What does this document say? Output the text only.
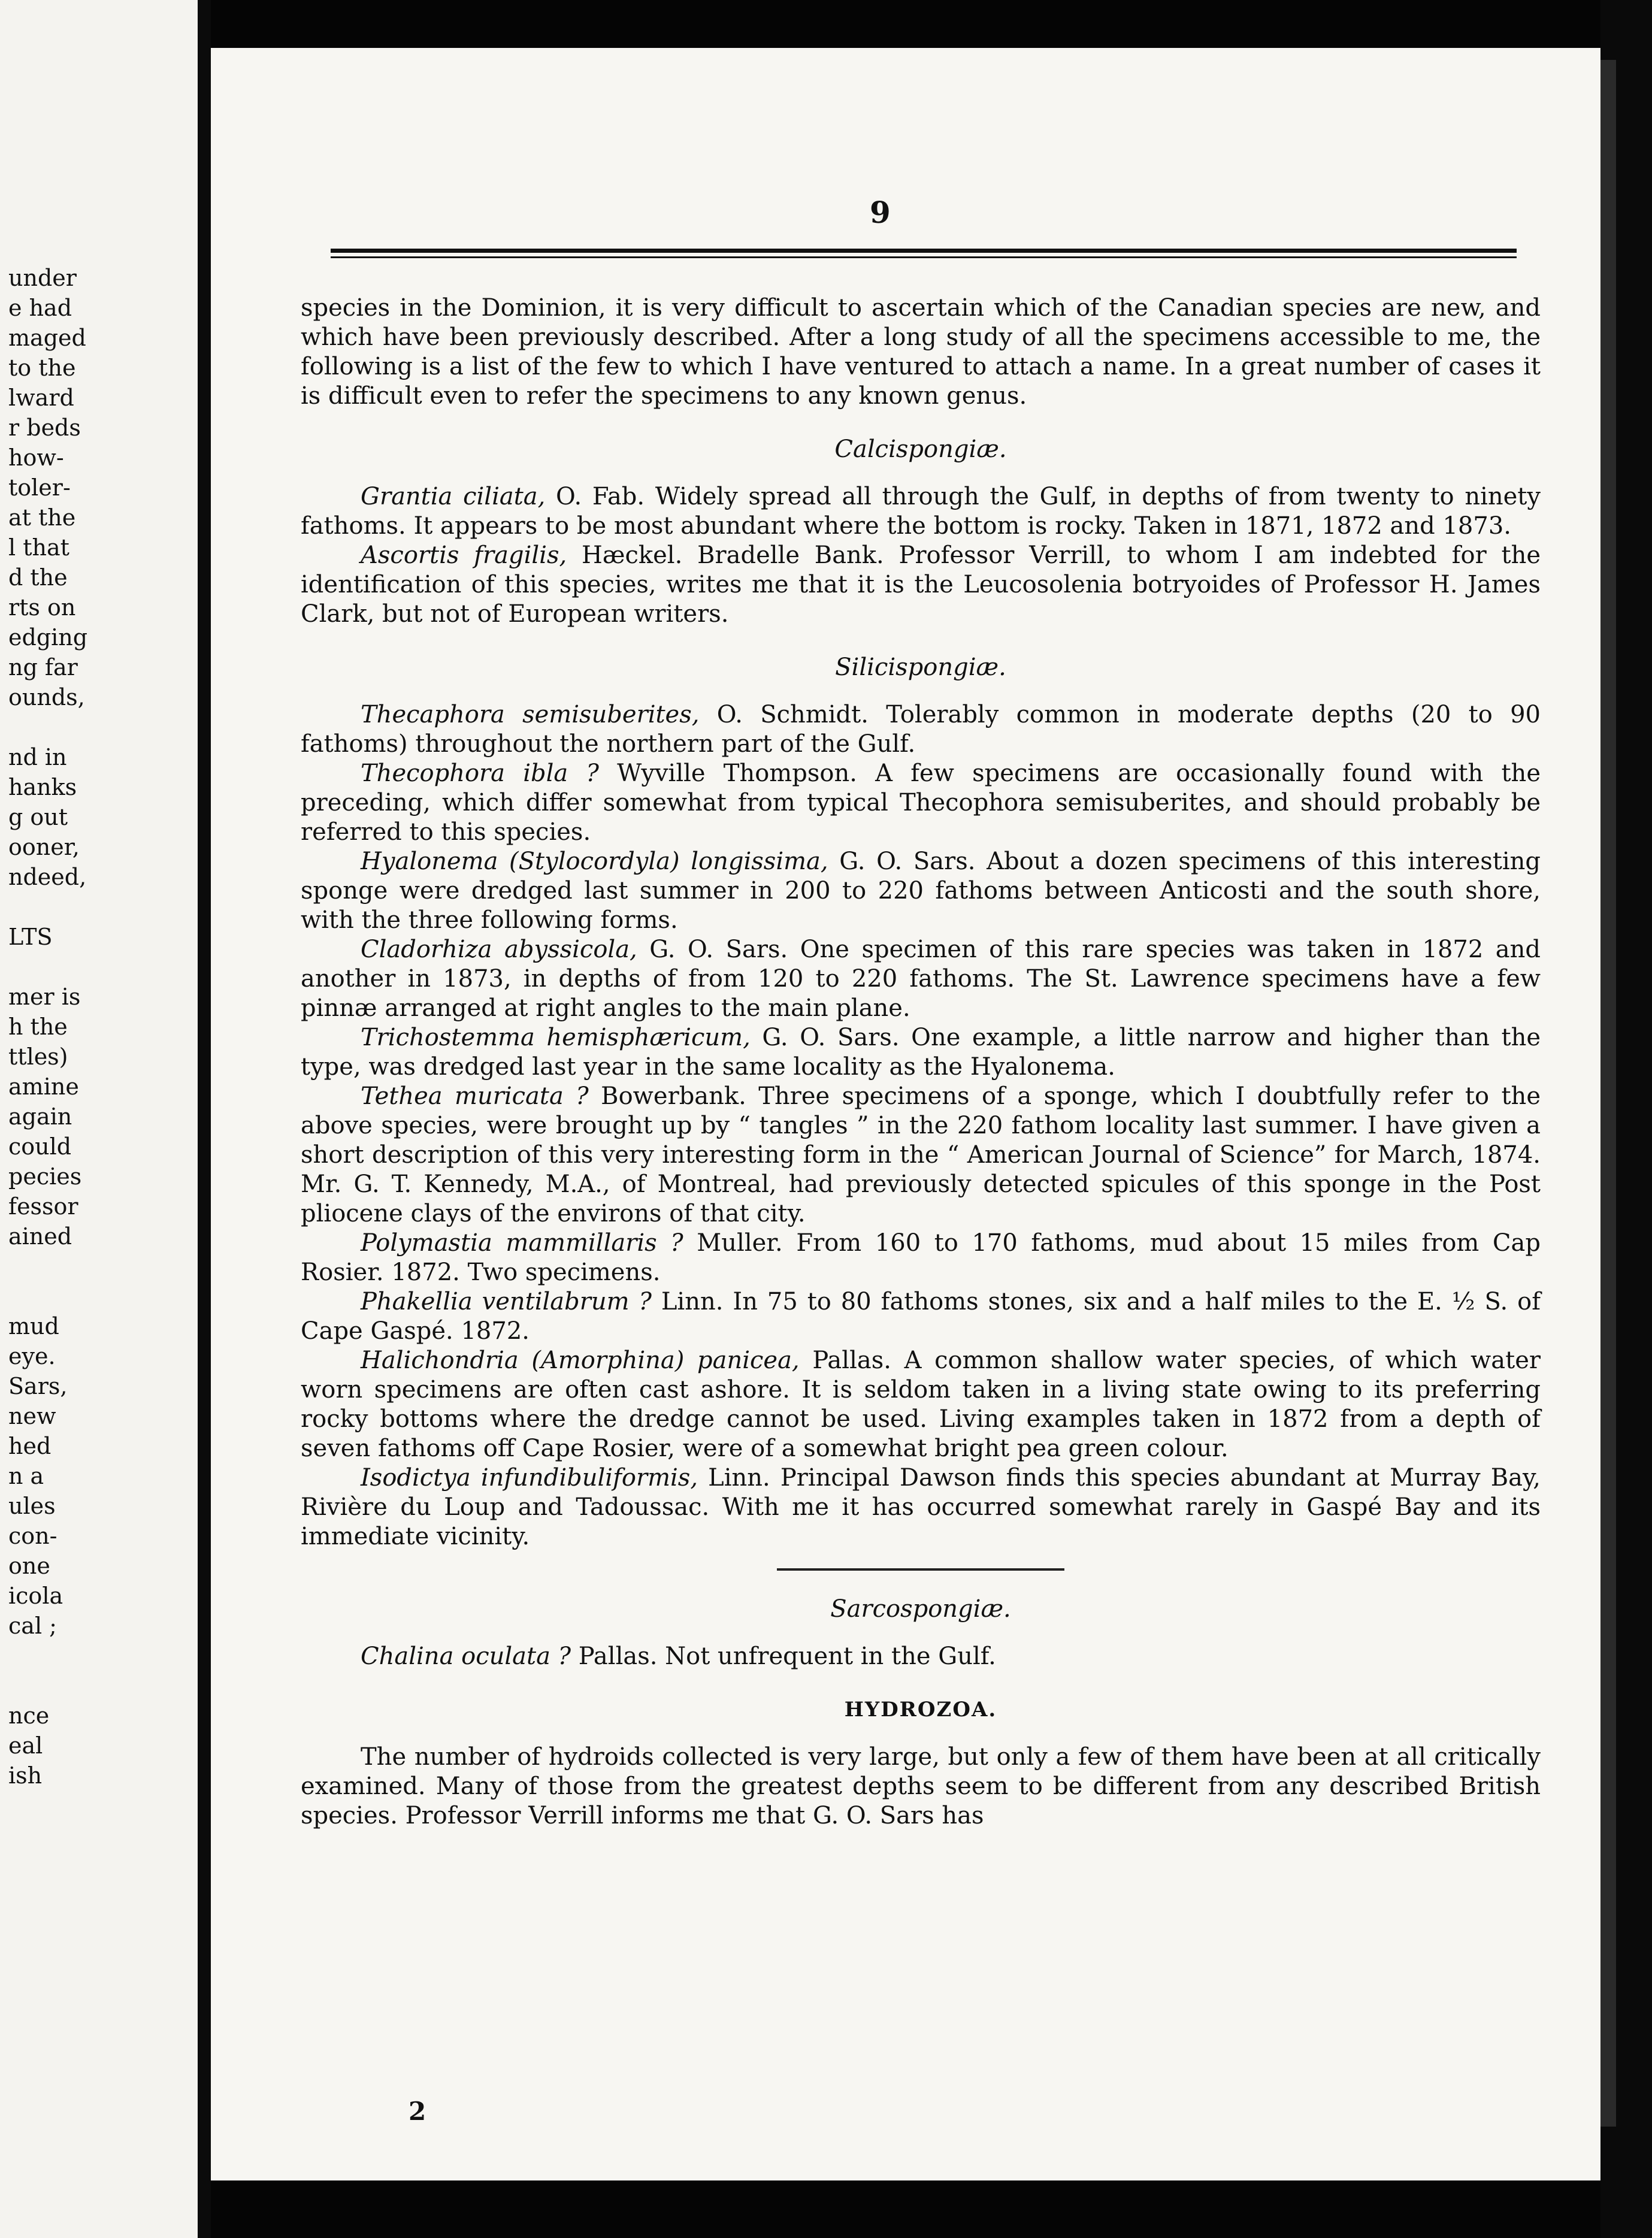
under
e had
maged
to the
lward
r beds
how-
toler-
at the
l that
d the
rts on
edging
ng far
ounds,
nd in
hanks
g out
ooner,
ndeed,
LTS
mer is
h the
ttles)
amine
again
could
pecies
fessor
ained
mud
eye.
Sars,
new
hed
n a
ules
con-
one
icola
cal ;
nce
eal
ish
9

species in the Dominion, it is very difficult to ascertain which of the Canadian species are new, and which have been previously described. After a long study of all the specimens accessible to me, the following is a list of the few to which I have ventured to attach a name. In a great number of cases it is difficult even to refer the specimens to any known genus.

Calcispongiæ.

Grantia ciliata, O. Fab. Widely spread all through the Gulf, in depths of from twenty to ninety fathoms. It appears to be most abundant where the bottom is rocky. Taken in 1871, 1872 and 1873.

Ascortis fragilis, Hæckel. Bradelle Bank. Professor Verrill, to whom I am indebted for the identification of this species, writes me that it is the Leucosolenia botryoides of Professor H. James Clark, but not of European writers.

Silicispongiæ.

Thecaphora semisuberites, O. Schmidt. Tolerably common in moderate depths (20 to 90 fathoms) throughout the northern part of the Gulf.

Thecophora ibla ? Wyville Thompson. A few specimens are occasionally found with the preceding, which differ somewhat from typical Thecophora semisuberites, and should probably be referred to this species.

Hyalonema (Stylocordyla) longissima, G. O. Sars. About a dozen specimens of this interesting sponge were dredged last summer in 200 to 220 fathoms between Anticosti and the south shore, with the three following forms.

Cladorhiza abyssicola, G. O. Sars. One specimen of this rare species was taken in 1872 and another in 1873, in depths of from 120 to 220 fathoms. The St. Lawrence specimens have a few pinnæ arranged at right angles to the main plane.

Trichostemma hemisphæricum, G. O. Sars. One example, a little narrow and higher than the type, was dredged last year in the same locality as the Hyalonema.

Tethea muricata ? Bowerbank. Three specimens of a sponge, which I doubtfully refer to the above species, were brought up by “ tangles ” in the 220 fathom locality last summer. I have given a short description of this very interesting form in the “ American Journal of Science” for March, 1874. Mr. G. T. Kennedy, M.A., of Montreal, had previously detected spicules of this sponge in the Post pliocene clays of the environs of that city.

Polymastia mammillaris ? Muller. From 160 to 170 fathoms, mud about 15 miles from Cap Rosier. 1872. Two specimens.

Phakellia ventilabrum ? Linn. In 75 to 80 fathoms stones, six and a half miles to the E. ½ S. of Cape Gaspé. 1872.

Halichondria (Amorphina) panicea, Pallas. A common shallow water species, of which water worn specimens are often cast ashore. It is seldom taken in a living state owing to its preferring rocky bottoms where the dredge cannot be used. Living examples taken in 1872 from a depth of seven fathoms off Cape Rosier, were of a somewhat bright pea green colour.

Isodictya infundibuliformis, Linn. Principal Dawson finds this species abundant at Murray Bay, Rivière du Loup and Tadoussac. With me it has occurred somewhat rarely in Gaspé Bay and its immediate vicinity.

Sarcospongiæ.

Chalina oculata ? Pallas. Not unfrequent in the Gulf.

HYDROZOA.

The number of hydroids collected is very large, but only a few of them have been at all critically examined. Many of those from the greatest depths seem to be different from any described British species. Professor Verrill informs me that G. O. Sars has

2
